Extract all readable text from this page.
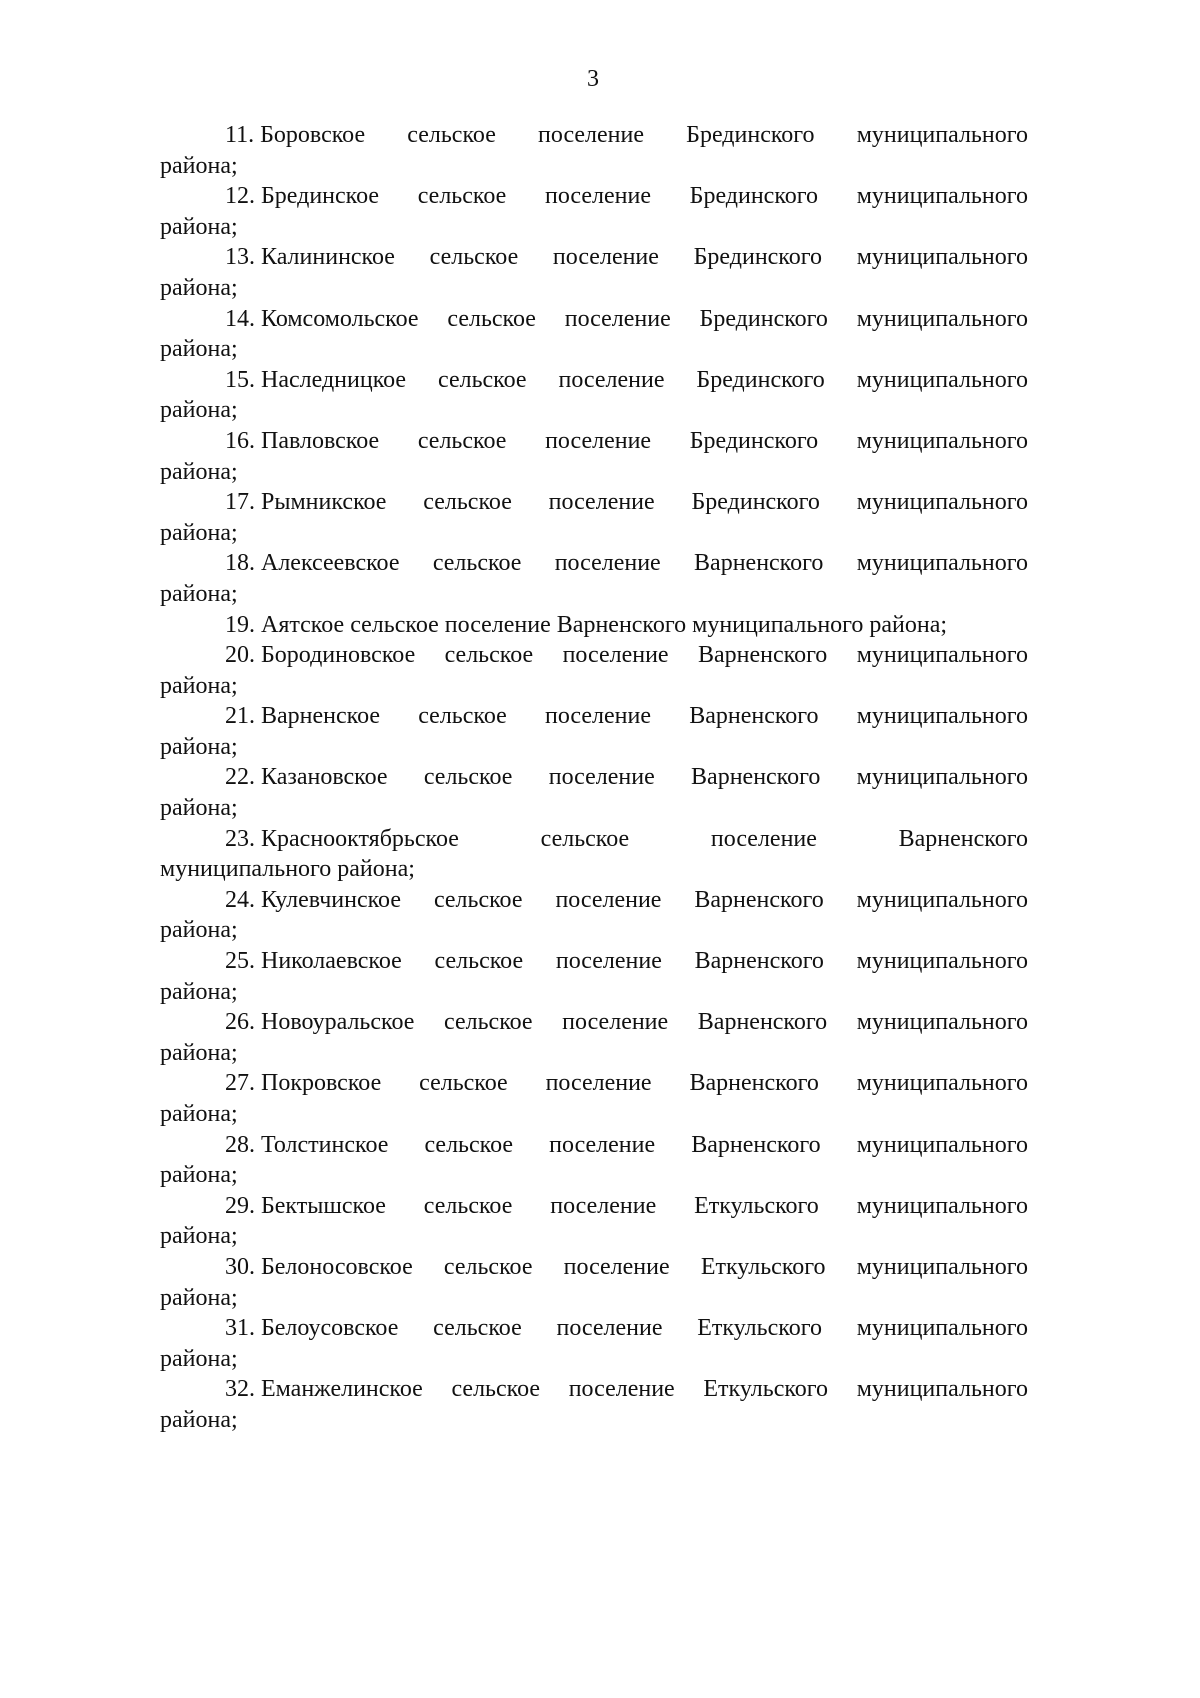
3
11. Боровское сельское поселение Брединского муниципального
района;
12. Брединское сельское поселение Брединского муниципального
района;
13. Калининское сельское поселение Брединского муниципального
района;
14. Комсомольское сельское поселение Брединского муниципального
района;
15. Наследницкое сельское поселение Брединского муниципального
района;
16. Павловское сельское поселение Брединского муниципального
района;
17. Рымникское сельское поселение Брединского муниципального
района;
18. Алексеевское сельское поселение Варненского муниципального
района;
19. Аятское сельское поселение Варненского муниципального района;
20. Бородиновское сельское поселение Варненского муниципального
района;
21. Варненское сельское поселение Варненского муниципального
района;
22. Казановское сельское поселение Варненского муниципального
района;
23. Краснооктябрьское	сельское	поселение	Варненского
муниципального района;
24. Кулевчинское сельское поселение Варненского муниципального
района;
25. Николаевское сельское поселение Варненского муниципального
района;
26. Новоуральское сельское поселение Варненского муниципального
района;
27. Покровское сельское поселение Варненского муниципального
района;
28. Толстинское сельское поселение Варненского муниципального
района;
29. Бектышское сельское поселение Еткульского муниципального
района;
30. Белоносовское сельское поселение Еткульского муниципального
района;
31. Белоусовское сельское поселение Еткульского муниципального
района;
32. Еманжелинское сельское поселение Еткульского муниципального
района;
